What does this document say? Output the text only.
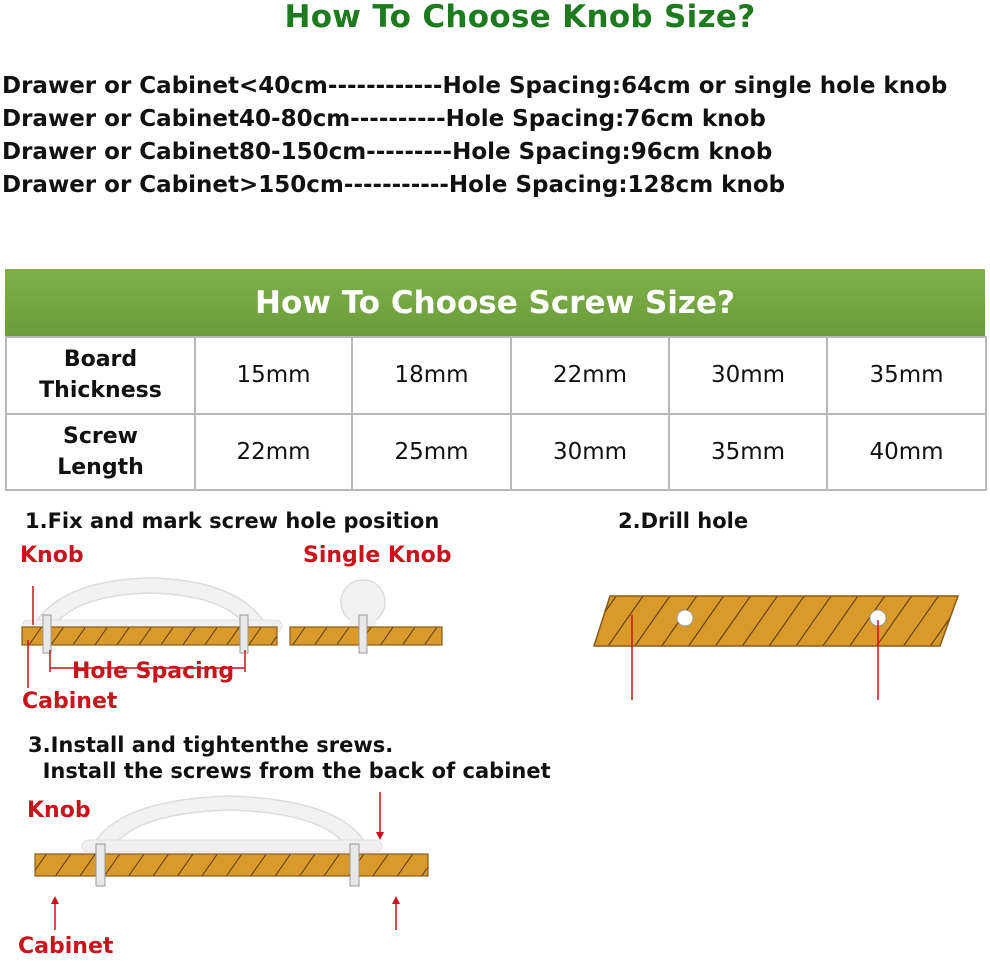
How To Choose Knob Size?
Drawer or Cabinet<40cm------------Hole Spacing:64cm or single hole knob
Drawer or Cabinet40-80cm----------Hole Spacing:76cm knob
Drawer or Cabinet80-150cm---------Hole Spacing:96cm knob
Drawer or Cabinet>150cm-----------Hole Spacing:128cm knob
How To Choose Screw Size?
Board
Thickness	15mm	18mm	22mm	30mm	35mm

Screw
Length	22mm	25mm	30mm	35mm	40mm
1.Fix and mark screw hole position
Knob	Single Knob
Hole Spacing
Cabinet
2.Drill hole
3.Install and tightenthe srews.
Install the screws from the back of cabinet
Knob
Cabinet
